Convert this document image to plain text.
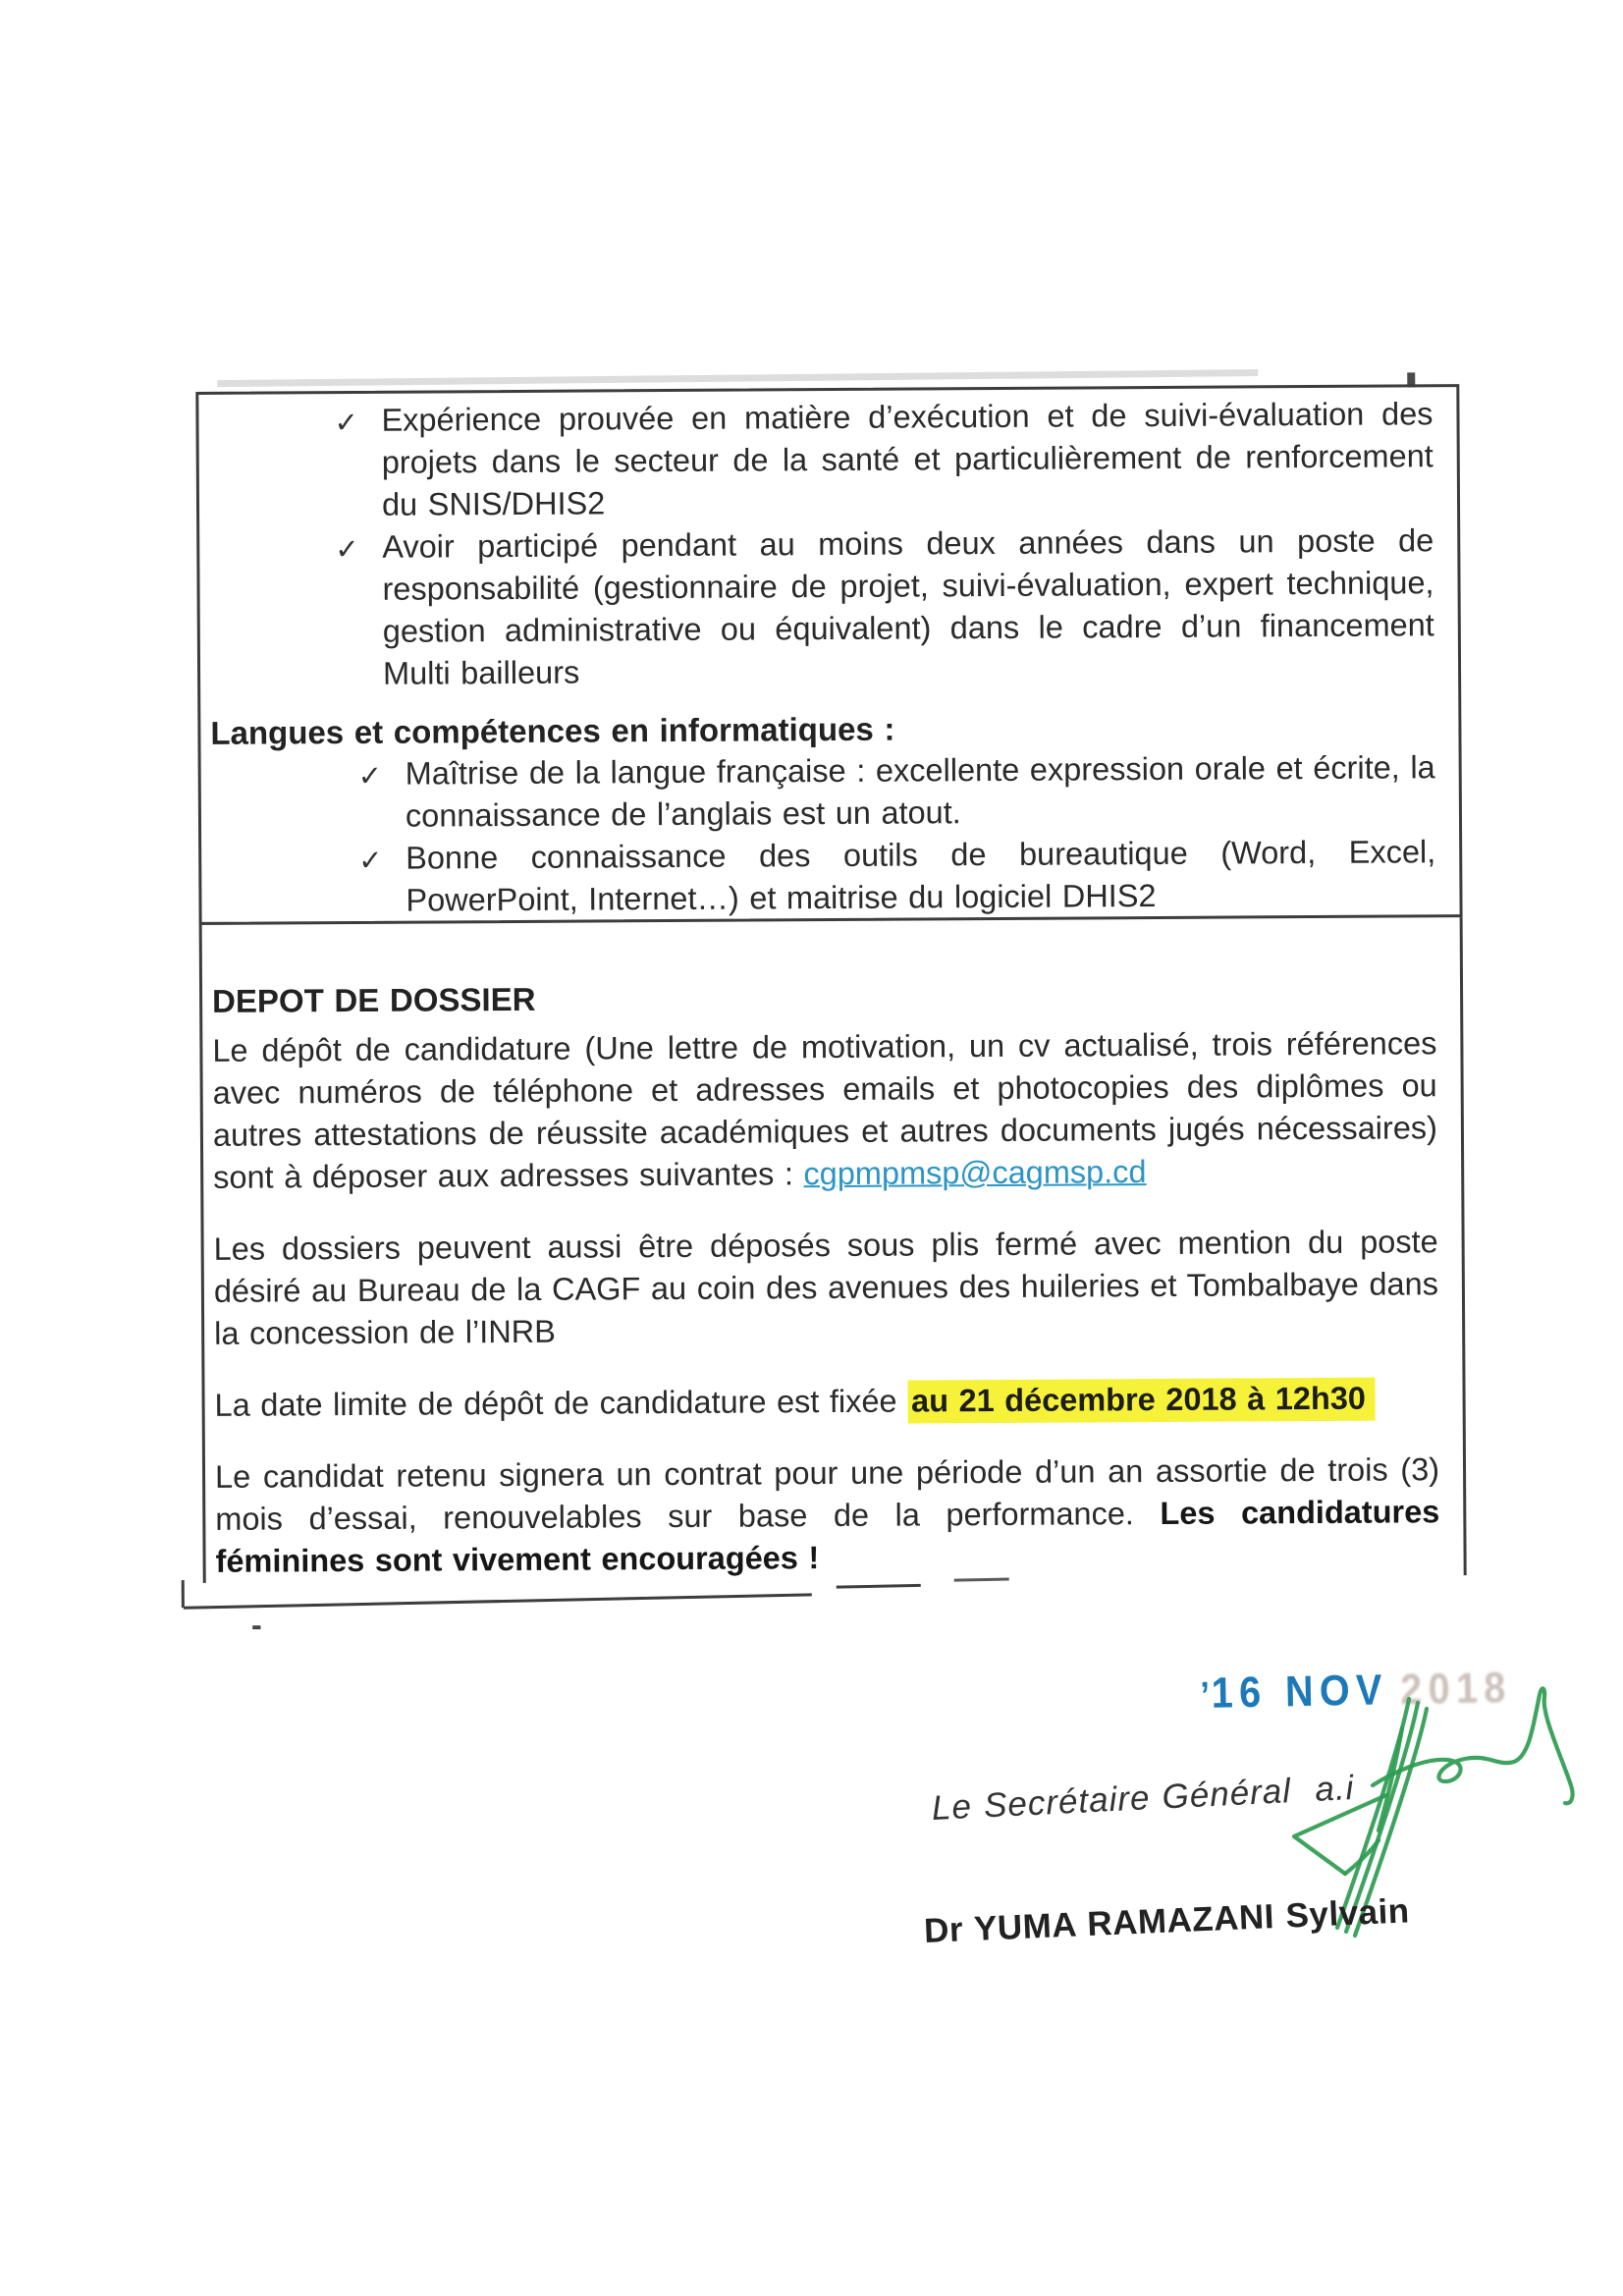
✓ Expérience prouvée en matière d’exécution et de suivi-évaluation des projets dans le secteur de la santé et particulièrement de renforcement du SNIS/DHIS2

✓ Avoir participé pendant au moins deux années dans un poste de responsabilité (gestionnaire de projet, suivi-évaluation, expert technique, gestion administrative ou équivalent) dans le cadre d’un financement Multi bailleurs

Langues et compétences en informatiques :
✓ Maîtrise de la langue française : excellente expression orale et écrite, la connaissance de l’anglais est un atout.

✓ Bonne connaissance des outils de bureautique (Word, Excel, PowerPoint, Internet…) et maitrise du logiciel DHIS2

DEPOT DE DOSSIER

Le dépôt de candidature (Une lettre de motivation, un cv actualisé, trois références avec numéros de téléphone et adresses emails et photocopies des diplômes ou autres attestations de réussite académiques et autres documents jugés nécessaires) sont à déposer aux adresses suivantes : cgpmpmsp@cagmsp.cd

Les dossiers peuvent aussi être déposés sous plis fermé avec mention du poste désiré au Bureau de la CAGF au coin des avenues des huileries et Tombalbaye dans la concession de l’INRB

La date limite de dépôt de candidature est fixée au 21 décembre 2018 à 12h30

Le candidat retenu signera un contrat pour une période d’un an assortie de trois (3) mois d’essai, renouvelables sur base de la performance. Les candidatures féminines sont vivement encouragées !

-
ʼ16 NOV 2018
Le Secrétaire Général  a.i
Dr YUMA RAMAZANI Sylvain
